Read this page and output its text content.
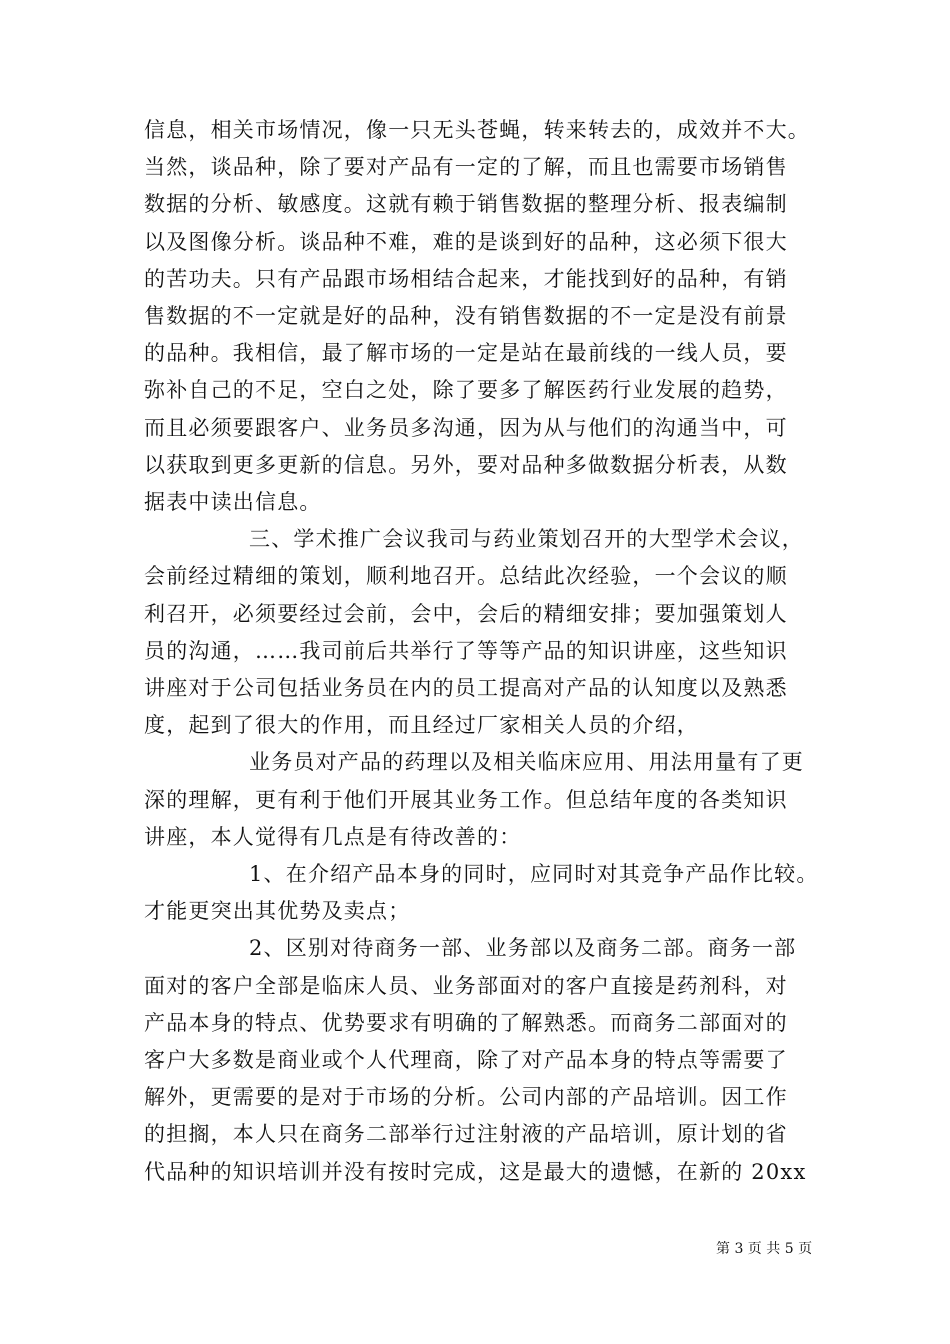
信息，相关市场情况，像一只无头苍蝇，转来转去的，成效并不大。
当然，谈品种，除了要对产品有一定的了解，而且也需要市场销售
数据的分析、敏感度。这就有赖于销售数据的整理分析、报表编制
以及图像分析。谈品种不难，难的是谈到好的品种，这必须下很大
的苦功夫。只有产品跟市场相结合起来，才能找到好的品种，有销
售数据的不一定就是好的品种，没有销售数据的不一定是没有前景
的品种。我相信，最了解市场的一定是站在最前线的一线人员，要
弥补自己的不足，空白之处，除了要多了解医药行业发展的趋势，
而且必须要跟客户、业务员多沟通，因为从与他们的沟通当中，可
以获取到更多更新的信息。另外，要对品种多做数据分析表，从数
据表中读出信息。
三、学术推广会议我司与药业策划召开的大型学术会议，
会前经过精细的策划，顺利地召开。总结此次经验，一个会议的顺
利召开，必须要经过会前，会中，会后的精细安排；要加强策划人
员的沟通，……我司前后共举行了等等产品的知识讲座，这些知识
讲座对于公司包括业务员在内的员工提高对产品的认知度以及熟悉
度，起到了很大的作用，而且经过厂家相关人员的介绍，
业务员对产品的药理以及相关临床应用、用法用量有了更
深的理解，更有利于他们开展其业务工作。但总结年度的各类知识
讲座，本人觉得有几点是有待改善的：
1、在介绍产品本身的同时，应同时对其竞争产品作比较。
才能更突出其优势及卖点；
2、区别对待商务一部、业务部以及商务二部。商务一部
面对的客户全部是临床人员、业务部面对的客户直接是药剂科，对
产品本身的特点、优势要求有明确的了解熟悉。而商务二部面对的
客户大多数是商业或个人代理商，除了对产品本身的特点等需要了
解外，更需要的是对于市场的分析。公司内部的产品培训。因工作
的担搁，本人只在商务二部举行过注射液的产品培训，原计划的省
代品种的知识培训并没有按时完成，这是最大的遗憾，在新的 20xx
第 3 页 共 5 页
